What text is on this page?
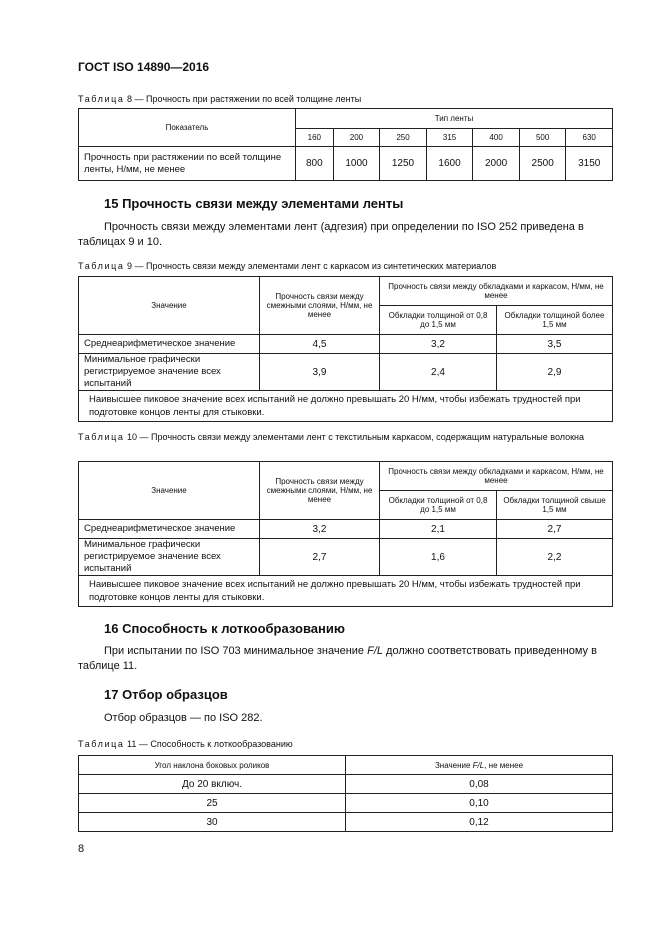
ГОСТ ISO 14890—2016
Таблица 8 — Прочность при растяжении по всей толщине ленты
Показатель	Тип ленты						
	160	200	250	315	400	500	630
Прочность при растяжении по всей толщине ленты, Н/мм, не менее	800	1000	1250	1600	2000	2500	3150
15 Прочность связи между элементами ленты
Прочность связи между элементами лент (адгезия) при определении по ISO 252 приведена в таблицах 9 и 10.
Таблица 9 — Прочность связи между элементами лент с каркасом из синтетических материалов
Значение	Прочность связи между смежными слоями, Н/мм, не менее	Прочность связи между обкладками и каркасом, Н/мм, не менее	
		Обкладки толщиной от 0,8 до 1,5 мм	Обкладки толщиной более 1,5 мм
Среднеарифметическое значение	4,5	3,2	3,5
Минимальное графически регистрируемое значение всех испытаний	3,9	2,4	2,9
Наивысшее пиковое значение всех испытаний не должно превышать 20 Н/мм, чтобы избежать трудностей при подготовке концов ленты для стыковки.			
Таблица 10 — Прочность связи между элементами лент с текстильным каркасом, содержащим натуральные волокна
Значение	Прочность связи между смежными слоями, Н/мм, не менее	Прочность связи между обкладками и каркасом, Н/мм, не менее	
		Обкладки толщиной от 0,8 до 1,5 мм	Обкладки толщиной свыше 1,5 мм
Среднеарифметическое значение	3,2	2,1	2,7
Минимальное графически регистрируемое значение всех испытаний	2,7	1,6	2,2
Наивысшее пиковое значение всех испытаний не должно превышать 20 Н/мм, чтобы избежать трудностей при подготовке концов ленты для стыковки.			
16 Способность к лоткообразованию
При испытании по ISO 703 минимальное значение F/L должно соответствовать приведенному в таблице 11.
17 Отбор образцов
Отбор образцов — по ISO 282.
Таблица 11 — Способность к лоткообразованию
Угол наклона боковых роликов	Значение F/L, не менее
До 20 включ.	0,08
25	0,10
30	0,12
8
